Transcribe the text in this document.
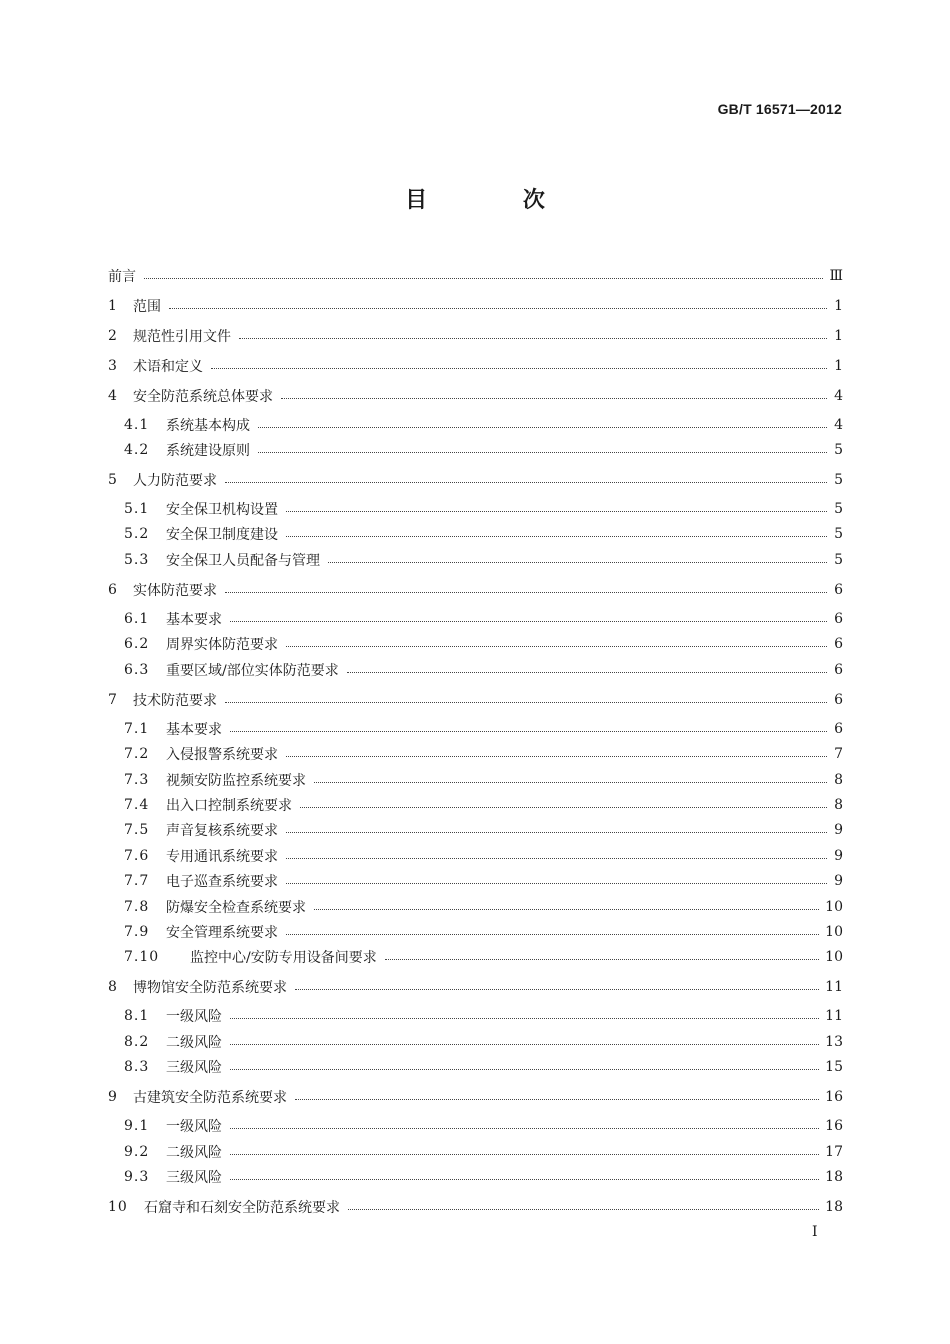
GB/T 16571—2012
目 次
前言	Ⅲ
1	范围	1
2	规范性引用文件	1
3	术语和定义	1
4	安全防范系统总体要求	4
4.1	系统基本构成	4
4.2	系统建设原则	5
5	人力防范要求	5
5.1	安全保卫机构设置	5
5.2	安全保卫制度建设	5
5.3	安全保卫人员配备与管理	5
6	实体防范要求	6
6.1	基本要求	6
6.2	周界实体防范要求	6
6.3	重要区域/部位实体防范要求	6
7	技术防范要求	6
7.1	基本要求	6
7.2	入侵报警系统要求	7
7.3	视频安防监控系统要求	8
7.4	出入口控制系统要求	8
7.5	声音复核系统要求	9
7.6	专用通讯系统要求	9
7.7	电子巡查系统要求	9
7.8	防爆安全检查系统要求	10
7.9	安全管理系统要求	10
7.10	监控中心/安防专用设备间要求	10
8	博物馆安全防范系统要求	11
8.1	一级风险	11
8.2	二级风险	13
8.3	三级风险	15
9	古建筑安全防范系统要求	16
9.1	一级风险	16
9.2	二级风险	17
9.3	三级风险	18
10	石窟寺和石刻安全防范系统要求	18
I
